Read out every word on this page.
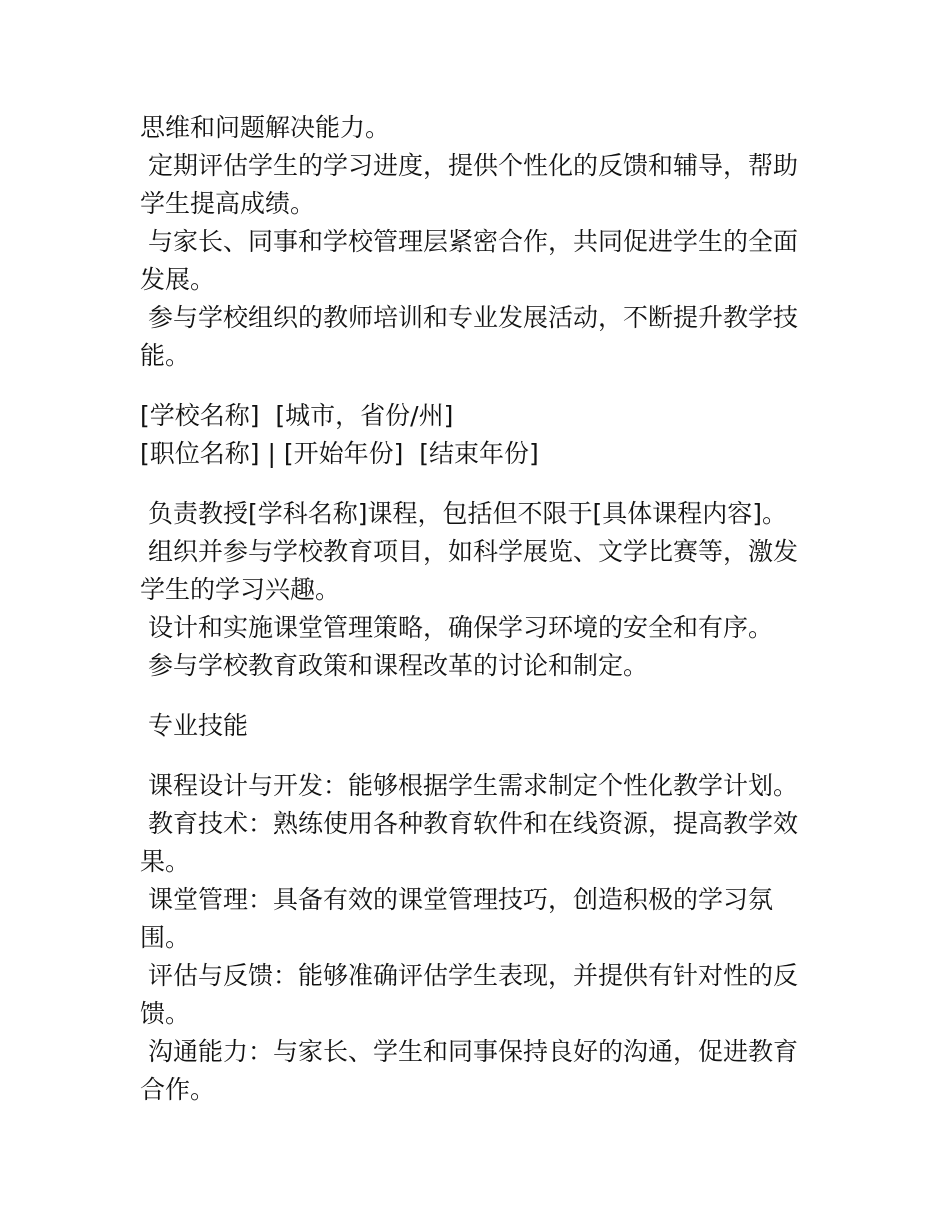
思维和问题解决能力。
定期评估学生的学习进度，提供个性化的反馈和辅导，帮助
学生提高成绩。
与家长、同事和学校管理层紧密合作，共同促进学生的全面
发展。
参与学校组织的教师培训和专业发展活动，不断提升教学技
能。
[学校名称]  [城市，省份/州]
[职位名称] | [开始年份]  [结束年份]
负责教授[学科名称]课程，包括但不限于[具体课程内容]。
组织并参与学校教育项目，如科学展览、文学比赛等，激发
学生的学习兴趣。
设计和实施课堂管理策略，确保学习环境的安全和有序。
参与学校教育政策和课程改革的讨论和制定。
专业技能
课程设计与开发：能够根据学生需求制定个性化教学计划。
教育技术：熟练使用各种教育软件和在线资源，提高教学效
果。
课堂管理：具备有效的课堂管理技巧，创造积极的学习氛围。
评估与反馈：能够准确评估学生表现，并提供有针对性的反
馈。
沟通能力：与家长、学生和同事保持良好的沟通，促进教育
合作。
